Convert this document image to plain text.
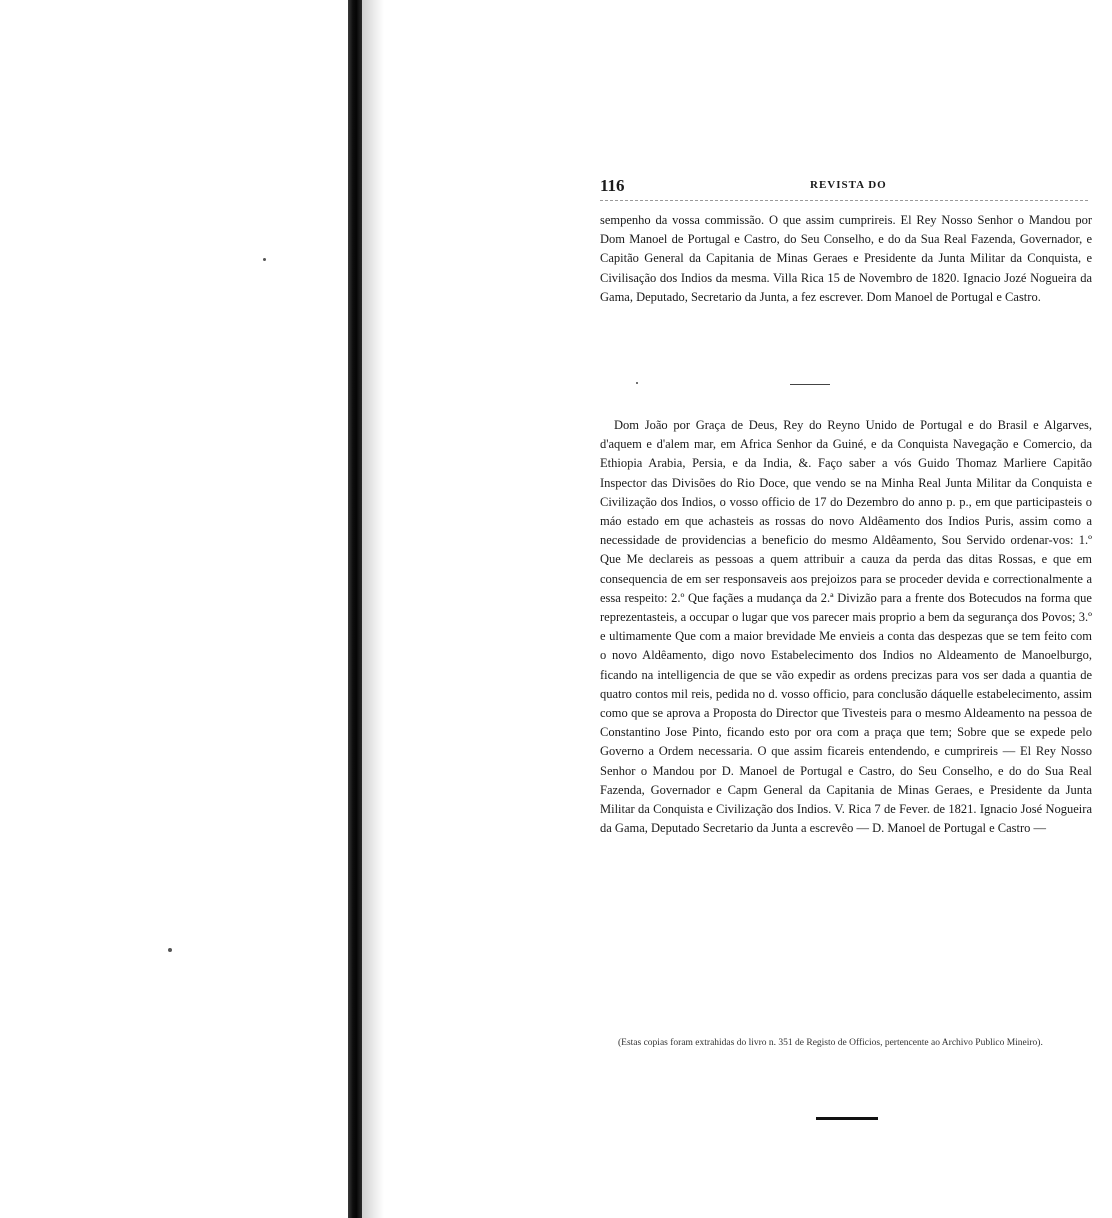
116	REVISTA DO

sempenho da vossa commissão. O que assim cumprireis. El Rey Nosso Senhor o Mandou por Dom Manoel de Portugal e Castro, do Seu Conselho, e do da Sua Real Fazenda, Governador, e Capitão General da Capitania de Minas Geraes e Presidente da Junta Militar da Conquista, e Civilisação dos Indios da mesma. Villa Rica 15 de Novembro de 1820. Ignacio Jozé Nogueira da Gama, Deputado, Secretario da Junta, a fez escrever. Dom Manoel de Portugal e Castro.

Dom João por Graça de Deus, Rey do Reyno Unido de Portugal e do Brasil e Algarves, d'aquem e d'alem mar, em Africa Senhor da Guiné, e da Conquista Navegação e Comercio, da Ethiopia Arabia, Persia, e da India, &. Faço saber a vós Guido Thomaz Marliere Capitão Inspector das Divisões do Rio Doce, que vendo se na Minha Real Junta Militar da Conquista e Civilização dos Indios, o vosso officio de 17 do Dezembro do anno p. p., em que participasteis o máo estado em que achasteis as rossas do novo Aldêamento dos Indios Puris, assim como a necessidade de providencias a beneficio do mesmo Aldêamento, Sou Servido ordenar-vos: 1.º Que Me declareis as pessoas a quem attribuir a cauza da perda das ditas Rossas, e que em consequencia de em ser responsaveis aos prejoizos para se proceder devida e correctionalmente a essa respeito: 2.º Que façães a mudança da 2.ª Divizão para a frente dos Botecudos na forma que reprezentasteis, a occupar o lugar que vos parecer mais proprio a bem da segurança dos Povos; 3.º e ultimamente Que com a maior brevidade Me envieis a conta das despezas que se tem feito com o novo Aldêamento, digo novo Estabelecimento dos Indios no Aldeamento de Manoelburgo, ficando na intelligencia de que se vão expedir as ordens precizas para vos ser dada a quantia de quatro contos mil reis, pedida no d. vosso officio, para conclusão dáquelle estabelecimento, assim como que se aprova a Proposta do Director que Tivesteis para o mesmo Aldeamento na pessoa de Constantino Jose Pinto, ficando esto por ora com a praça que tem; Sobre que se expede pelo Governo a Ordem necessaria. O que assim ficareis entendendo, e cumprireis — El Rey Nosso Senhor o Mandou por D. Manoel de Portugal e Castro, do Seu Conselho, e do do Sua Real Fazenda, Governador e Capm General da Capitania de Minas Geraes, e Presidente da Junta Militar da Conquista e Civilização dos Indios. V. Rica 7 de Fever. de 1821. Ignacio José Nogueira da Gama, Deputado Secretario da Junta a escrevêo — D. Manoel de Portugal e Castro —

(Estas copias foram extrahidas do livro n. 351 de Registo de Officios, pertencente ao Archivo Publico Mineiro).
